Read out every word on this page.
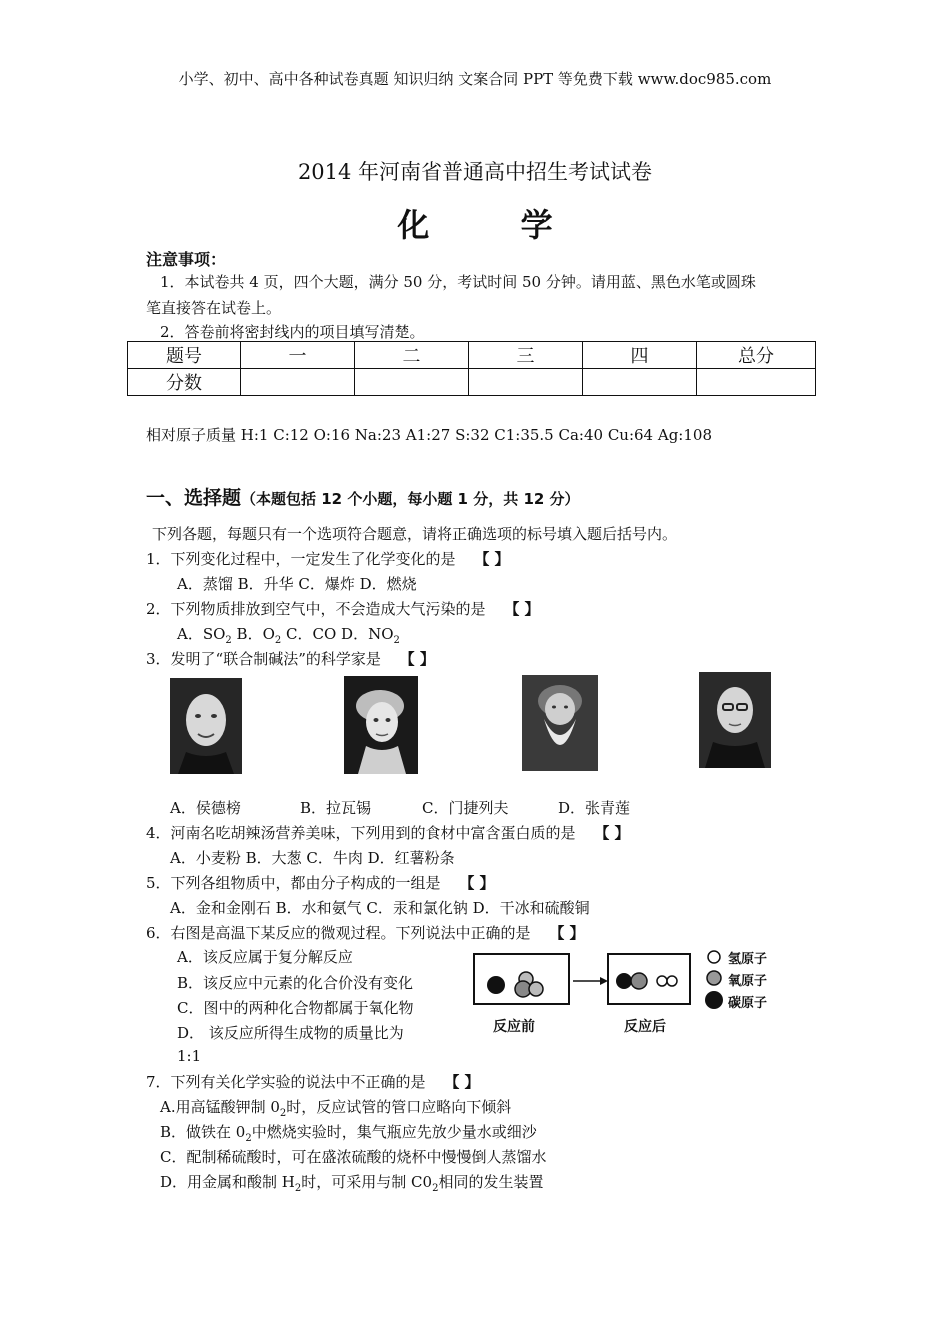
小学、初中、高中各种试卷真题 知识归纳 文案合同 PPT 等免费下载 www.doc985.com
2014 年河南省普通高中招生考试试卷
化 学
注意事项：
1．本试卷共 4 页，四个大题，满分 50 分，考试时间 50 分钟。请用蓝、黑色水笔或圆珠
笔直接答在试卷上。
2．答卷前将密封线内的项目填写清楚。
题号	一	二	三	四	总分
分数					
相对原子质量 H:1 C:12 O:16 Na:23 A1:27 S:32 C1:35.5 Ca:40 Cu:64 Ag:108
一、选择题（本题包括 12 个小题，每小题 1 分，共 12 分）
下列各题，每题只有一个选项符合题意，请将正确选项的标号填入题后括号内。
1．下列变化过程中，一定发生了化学变化的是 【 】
A．蒸馏 B．升华 C．爆炸 D．燃烧
2．下列物质排放到空气中，不会造成大气污染的是 【 】
A．$SO_2$ B．$O_2$ C．CO D．$NO_2$
3．发明了“联合制碱法”的科学家是 【 】
A．侯德榜	B．拉瓦锡	C．门捷列夫	D．张青莲
4．河南名吃胡辣汤营养美味，下列用到的食材中富含蛋白质的是 【 】
A．小麦粉 B．大葱 C．牛肉 D．红薯粉条
5．下列各组物质中，都由分子构成的一组是 【 】
A．金和金刚石 B．水和氨气 C．汞和氯化钠 D．干冰和硫酸铜
6．右图是高温下某反应的微观过程。下列说法中正确的是 【 】
A．该反应属于复分解反应
B．该反应中元素的化合价没有变化
C．图中的两种化合物都属于氧化物
D． 该反应所得生成物的质量比为
1:1
氢原子
氧原子
碳原子
反应前	反应后
7．下列有关化学实验的说法中不正确的是 【 】
A.用高锰酸钾制 $0_2$时，反应试管的管口应略向下倾斜
B．做铁在 $0_2$中燃烧实验时，集气瓶应先放少量水或细沙
C．配制稀硫酸时，可在盛浓硫酸的烧杯中慢慢倒人蒸馏水
D．用金属和酸制 $H_2$时，可采用与制 $C0_2$相同的发生装置
